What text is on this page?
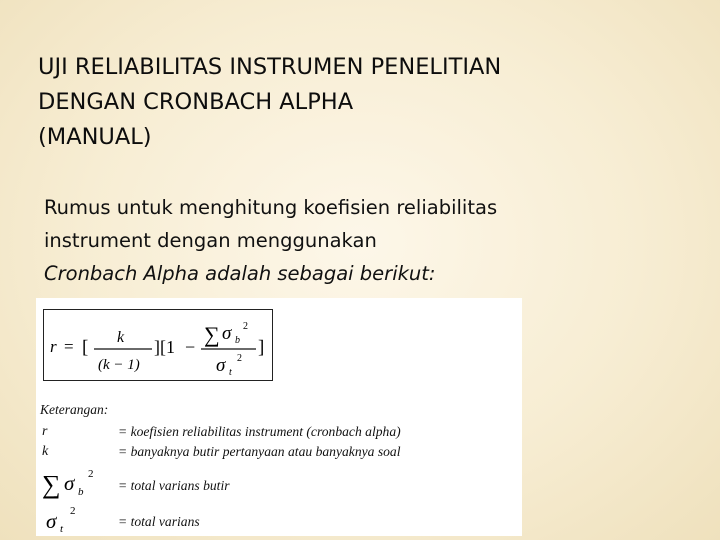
UJI RELIABILITAS INSTRUMEN PENELITIAN
DENGAN CRONBACH ALPHA
(MANUAL)
Rumus untuk menghitung koefisien reliabilitas
instrument dengan menggunakan
Cronbach Alpha adalah sebagai berikut:
r = [ k
(k − 1)
][1 − ∑ σ b
2
σ t
2
]
Keterangan:
r	= koefisien reliabilitas instrument (cronbach alpha)
k	= banyaknya butir pertanyaan atau banyaknya soal
∑ σ b
2
= total varians butir
σ t
2
= total varians
